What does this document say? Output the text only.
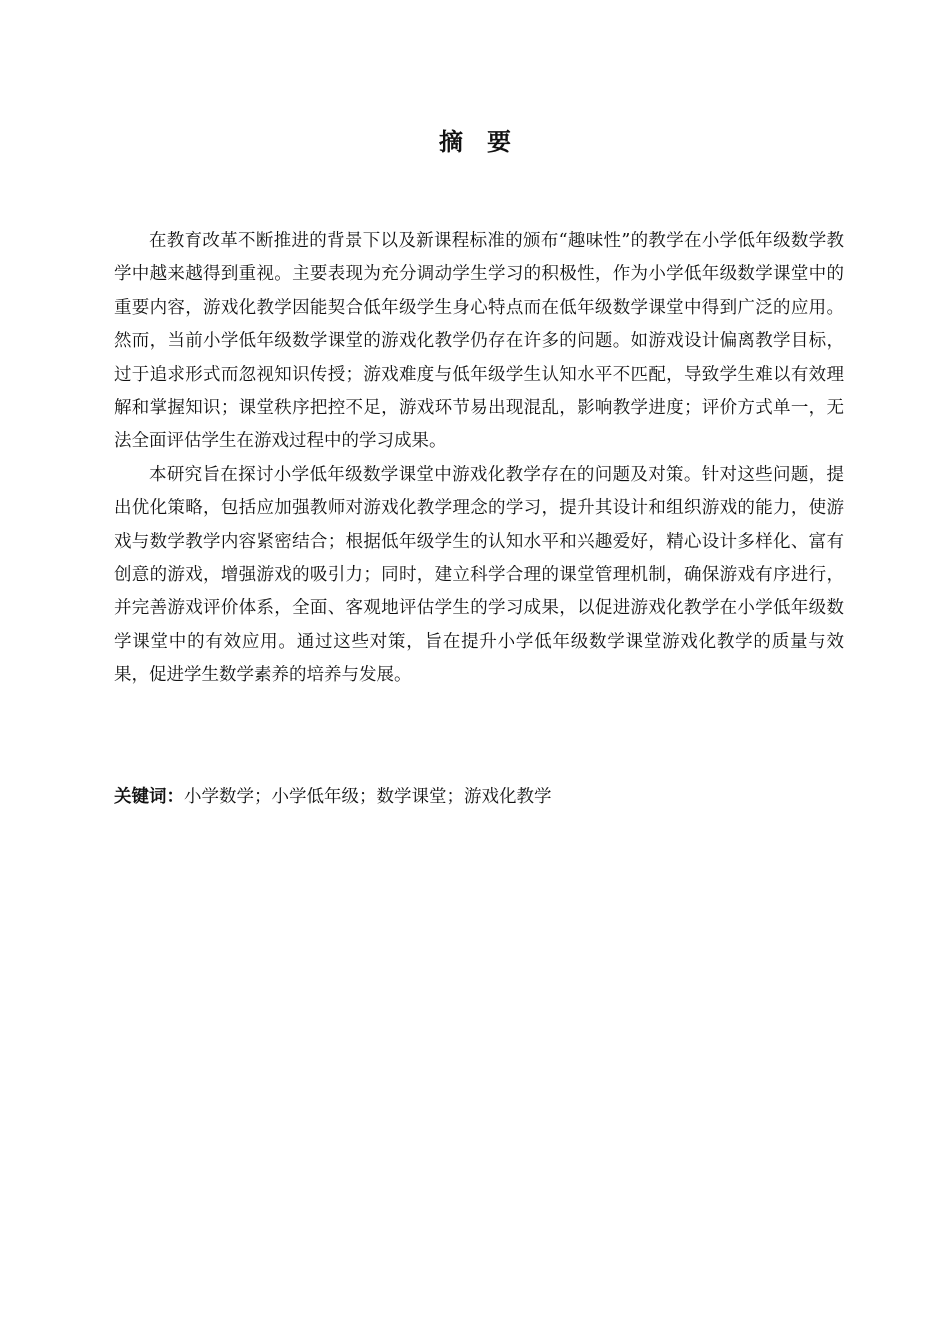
摘 要

在教育改革不断推进的背景下以及新课程标准的颁布“趣味性”的教学在小学低年级数学教学中越来越得到重视。主要表现为充分调动学生学习的积极性，作为小学低年级数学课堂中的重要内容，游戏化教学因能契合低年级学生身心特点而在低年级数学课堂中得到广泛的应用。然而，当前小学低年级数学课堂的游戏化教学仍存在许多的问题。如游戏设计偏离教学目标，过于追求形式而忽视知识传授；游戏难度与低年级学生认知水平不匹配，导致学生难以有效理解和掌握知识；课堂秩序把控不足，游戏环节易出现混乱，影响教学进度；评价方式单一，无法全面评估学生在游戏过程中的学习成果。

本研究旨在探讨小学低年级数学课堂中游戏化教学存在的问题及对策。针对这些问题，提出优化策略，包括应加强教师对游戏化教学理念的学习，提升其设计和组织游戏的能力，使游戏与数学教学内容紧密结合；根据低年级学生的认知水平和兴趣爱好，精心设计多样化、富有创意的游戏，增强游戏的吸引力；同时，建立科学合理的课堂管理机制，确保游戏有序进行，并完善游戏评价体系，全面、客观地评估学生的学习成果，以促进游戏化教学在小学低年级数学课堂中的有效应用。通过这些对策，旨在提升小学低年级数学课堂游戏化教学的质量与效果，促进学生数学素养的培养与发展。

关键词：小学数学；小学低年级；数学课堂；游戏化教学
